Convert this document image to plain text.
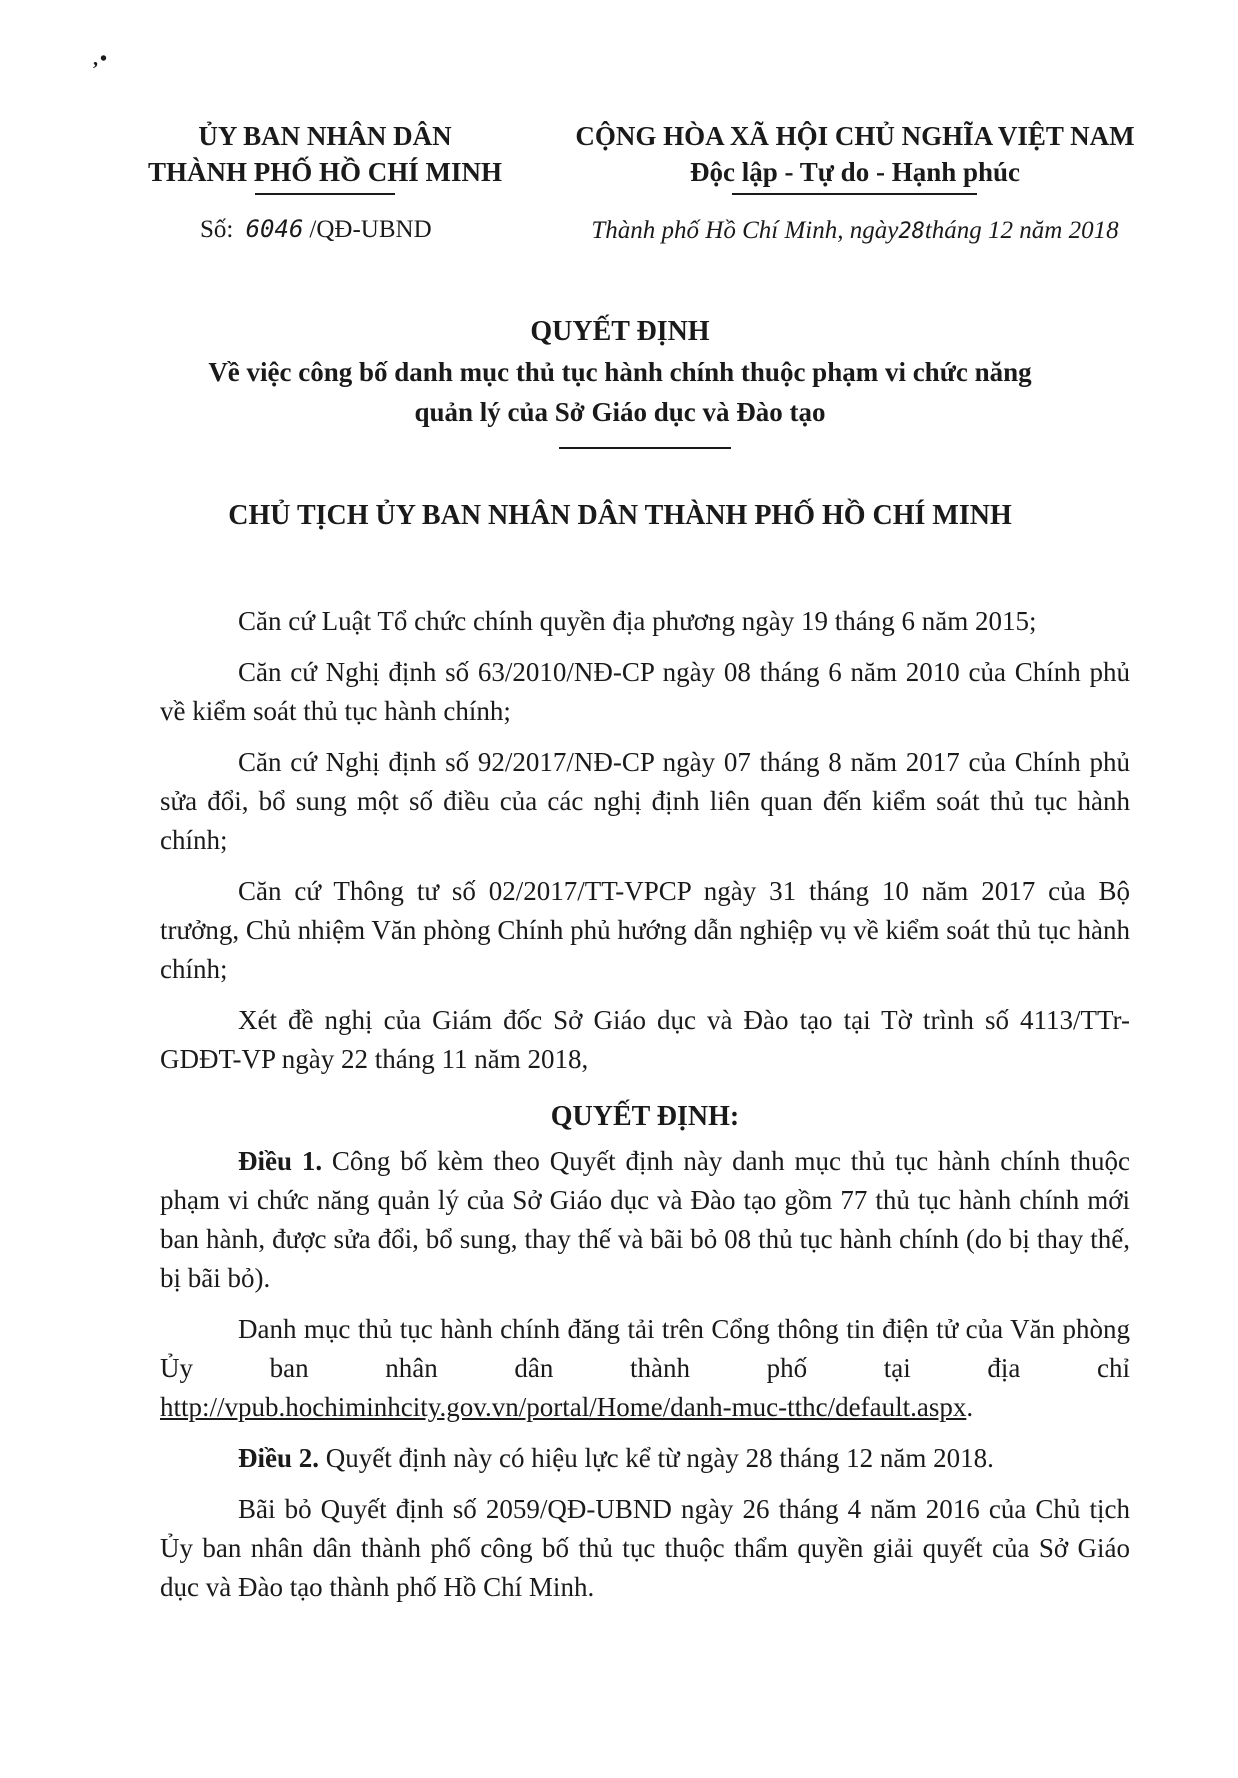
,•
ỦY BAN NHÂN DÂN
THÀNH PHỐ HỒ CHÍ MINH
CỘNG HÒA XÃ HỘI CHỦ NGHĨA VIỆT NAM
Độc lập - Tự do - Hạnh phúc
Số: 6046 /QĐ-UBND	Thành phố Hồ Chí Minh, ngày28tháng 12 năm 2018
QUYẾT ĐỊNH
Về việc công bố danh mục thủ tục hành chính thuộc phạm vi chức năng
quản lý của Sở Giáo dục và Đào tạo
CHỦ TỊCH ỦY BAN NHÂN DÂN THÀNH PHỐ HỒ CHÍ MINH

Căn cứ Luật Tổ chức chính quyền địa phương ngày 19 tháng 6 năm 2015;

Căn cứ Nghị định số 63/2010/NĐ-CP ngày 08 tháng 6 năm 2010 của Chính phủ về kiểm soát thủ tục hành chính;

Căn cứ Nghị định số 92/2017/NĐ-CP ngày 07 tháng 8 năm 2017 của Chính phủ sửa đổi, bổ sung một số điều của các nghị định liên quan đến kiểm soát thủ tục hành chính;

Căn cứ Thông tư số 02/2017/TT-VPCP ngày 31 tháng 10 năm 2017 của Bộ trưởng, Chủ nhiệm Văn phòng Chính phủ hướng dẫn nghiệp vụ về kiểm soát thủ tục hành chính;

Xét đề nghị của Giám đốc Sở Giáo dục và Đào tạo tại Tờ trình số 4113/TTr-GDĐT-VP ngày 22 tháng 11 năm 2018,

QUYẾT ĐỊNH:

Điều 1. Công bố kèm theo Quyết định này danh mục thủ tục hành chính thuộc phạm vi chức năng quản lý của Sở Giáo dục và Đào tạo gồm 77 thủ tục hành chính mới ban hành, được sửa đổi, bổ sung, thay thế và bãi bỏ 08 thủ tục hành chính (do bị thay thế, bị bãi bỏ).

Danh mục thủ tục hành chính đăng tải trên Cổng thông tin điện tử của Văn phòng Ủy ban nhân dân thành phố tại địa chỉ http://vpub.hochiminhcity.gov.vn/portal/Home/danh-muc-tthc/default.aspx.

Điều 2. Quyết định này có hiệu lực kể từ ngày 28 tháng 12 năm 2018.

Bãi bỏ Quyết định số 2059/QĐ-UBND ngày 26 tháng 4 năm 2016 của Chủ tịch Ủy ban nhân dân thành phố công bố thủ tục thuộc thẩm quyền giải quyết của Sở Giáo dục và Đào tạo thành phố Hồ Chí Minh.
